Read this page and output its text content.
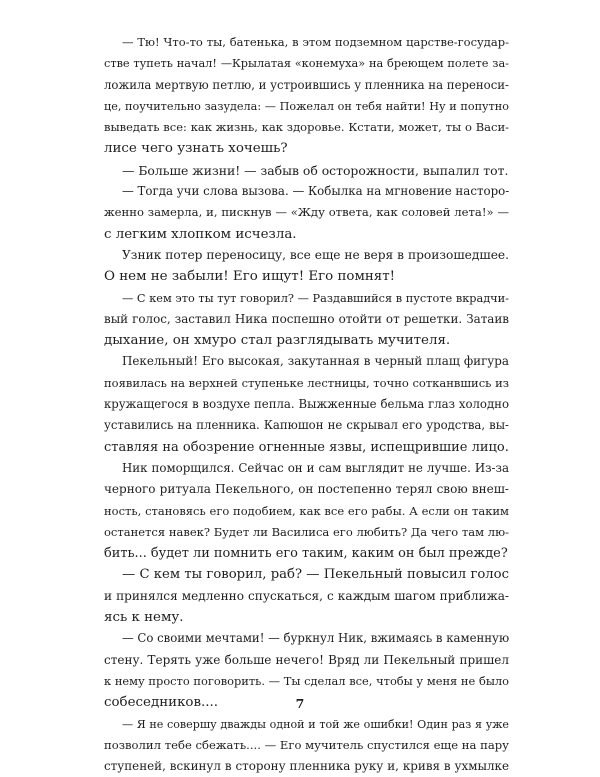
— Тю! Что-то ты, батенька, в этом подземном царстве-государ-
стве тупеть начал! —Крылатая «конемуха» на бреющем полете за-
ложила мертвую петлю, и устроившись у пленника на переноси-
це, поучительно зазудела: — Пожелал он тебя найти! Ну и попутно
выведать все: как жизнь, как здоровье. Кстати, может, ты о Васи-
лисе чего узнать хочешь?
— Больше жизни! — забыв об осторожности, выпалил тот.
— Тогда учи слова вызова. — Кобылка на мгновение насторо-
женно замерла, и, пискнув — «Жду ответа, как соловей лета!» —
с легким хлопком исчезла.
Узник потер переносицу, все еще не веря в произошедшее.
О нем не забыли! Его ищут! Его помнят!
— С кем это ты тут говорил? — Раздавшийся в пустоте вкрадчи-
вый голос, заставил Ника поспешно отойти от решетки. Затаив
дыхание, он хмуро стал разглядывать мучителя.
Пекельный! Его высокая, закутанная в черный плащ фигура
появилась на верхней ступеньке лестницы, точно сотканвшись из
кружащегося в воздухе пепла. Выжженные бельма глаз холодно
уставились на пленника. Капюшон не скрывал его уродства, вы-
ставляя на обозрение огненные язвы, испещрившие лицо.
Ник поморщился. Сейчас он и сам выглядит не лучше. Из-за
черного ритуала Пекельного, он постепенно терял свою внеш-
ность, становясь его подобием, как все его рабы. А если он таким
останется навек? Будет ли Василиса его любить? Да чего там лю-
бить... будет ли помнить его таким, каким он был прежде?
— С кем ты говорил, раб? — Пекельный повысил голос
и принялся медленно спускаться, с каждым шагом приближа-
ясь к нему.
— Со своими мечтами! — буркнул Ник, вжимаясь в каменную
стену. Терять уже больше нечего! Вряд ли Пекельный пришел
к нему просто поговорить. — Ты сделал все, чтобы у меня не было
собеседников....
— Я не совершу дважды одной и той же ошибки! Один раз я уже
позволил тебе сбежать.... — Его мучитель спустился еще на пару
ступеней, вскинул в сторону пленника руку и, кривя в ухмылке
7
